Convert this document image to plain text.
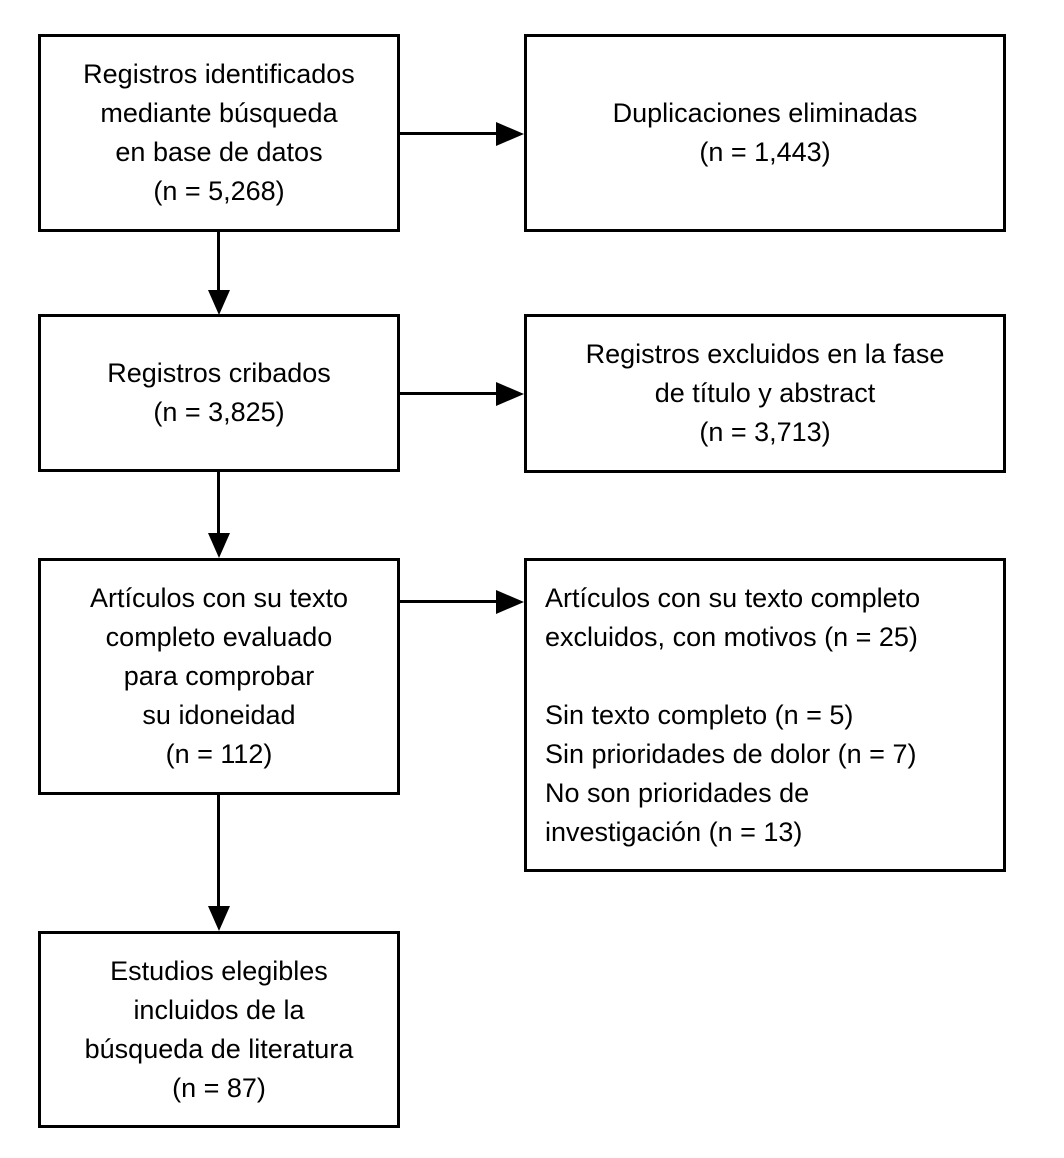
Registros identificados
mediante búsqueda
en base de datos
(n = 5,268)
Duplicaciones eliminadas
(n = 1,443)
Registros cribados
(n = 3,825)
Registros excluidos en la fase
de título y abstract
(n = 3,713)
Artículos con su texto
completo evaluado
para comprobar
su idoneidad
(n = 112)
Artículos con su texto completo
excluidos, con motivos (n = 25)
Sin texto completo (n = 5)
Sin prioridades de dolor (n = 7)
No son prioridades de
investigación (n = 13)
Estudios elegibles
incluidos de la
búsqueda de literatura
(n = 87)
